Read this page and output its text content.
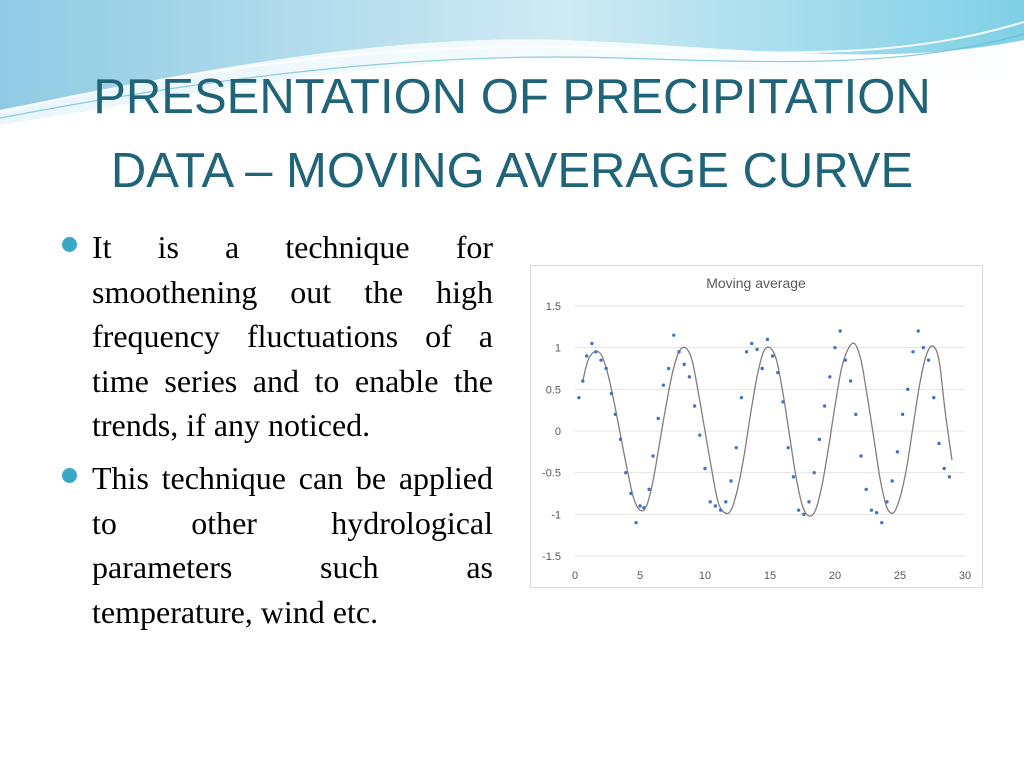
PRESENTATION OF PRECIPITATION
DATA – MOVING AVERAGE CURVE
It is a technique for smoothening out the high frequency fluctuations of a time series and to enable the trends, if any noticed.
This technique can be applied to other hydrological parameters such as temperature, wind etc.
Moving average
1.5
1
0.5
0
-0.5
-1
-1.5
0	5	10	15	20	25	30
